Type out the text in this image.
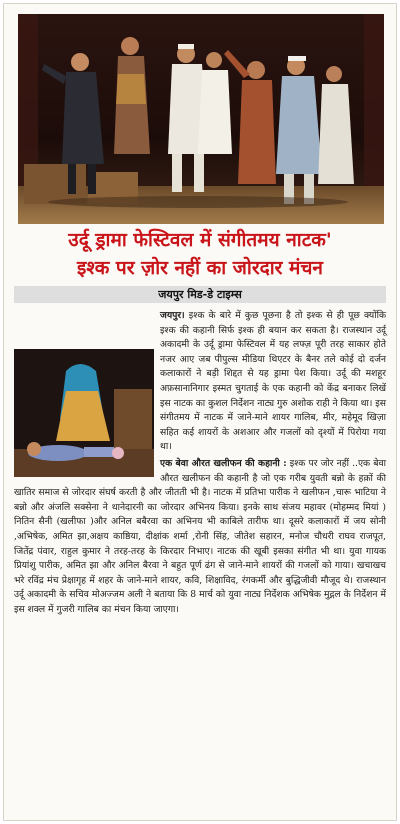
उर्दू ड्रामा फेस्टिवल में संगीतमय नाटक'
इश्क पर ज़ोर नहीं का जोरदार मंचन
जयपुर मिड-डे टाइम्स

जयपुर। इश्क के बारे में कुछ पूछना है तो इश्क से ही पूछ क्योंकि इश्क की कहानी सिर्फ इश्क ही बयान कर सकता है। राजस्थान उर्दू अकादमी के उर्दू ड्रामा फेस्टिवल में यह लफ्ज़ पूरी तरह साकार होते नजर आए जब पीपुल्स मीडिया थिएटर के बैनर तले कोई दो दर्जन कलाकारों ने बड़ी शिद्दत से यह ड्रामा पेश किया। उर्दू की मशहूर अफ़सानानिगार इस्मत चुगताई के एक कहानी को केंद्र बनाकर लिखें इस नाटक का कुशल निर्देशन नाट्य गुरु अशोक राही ने किया था। इस संगीतमय में नाटक में जाने-माने शायर गालिब, मीर, महेमूद खिज़ा सहित कई शायरों के अशआर और गजलों को दृश्यों में पिरोया गया था।

एक बेवा औरत खलीफन की कहानी : इश्क पर जोर नहीं ..एक बेवा औरत खलीफन की कहानी है जो एक गरीब युवती बन्नो के हक़ों की खातिर समाज से जोरदार संघर्ष करती है और जीतती भी है। नाटक में प्रतिभा पारीक ने खलीफन ,चारू भाटिया ने बन्नो और अंजलि सक्सेना ने थानेदारनी का जोरदार अभिनय किया। इनके साथ संजय महावर (मोहम्मद मियां ) नितिन सैनी (खलीफा )और अनिल बबैरवा का अभिनय भी काबिले तारीफ था। दूसरे कलाकारों में जय सोनी ,अभिषेक, अमित झा,अक्षय काष्ठिया, दीक्षांक शर्मा ,रोनी सिंह, जीतेश सहारन, मनोज चौधरी राघव राजपूत, जितेंद्र पंवार, राहुल कुमार ने तरह-तरह के किरदार निभाए। नाटक की खूबी इसका संगीत भी था। युवा गायक प्रियांशु पारीक, अमित झा और अनिल बैरवा ने बहुत पूर्ण ढंग से जाने-माने शायरों की गजलों को गाया। खचाखच भरे रविंद्र मंच प्रेक्षागृह में शहर के जाने-माने शायर, कवि, शिक्षाविद, रंगकर्मी और बुद्धिजीवी मौजूद थे। राजस्थान उर्दू अकादमी के सचिव मोअज्जम अली ने बताया कि 8 मार्च को युवा नाट्य निर्देशक अभिषेक मुद्गल के निर्देशन में इस शक्ल में गुजरी गालिब का मंचन किया जाएगा।
